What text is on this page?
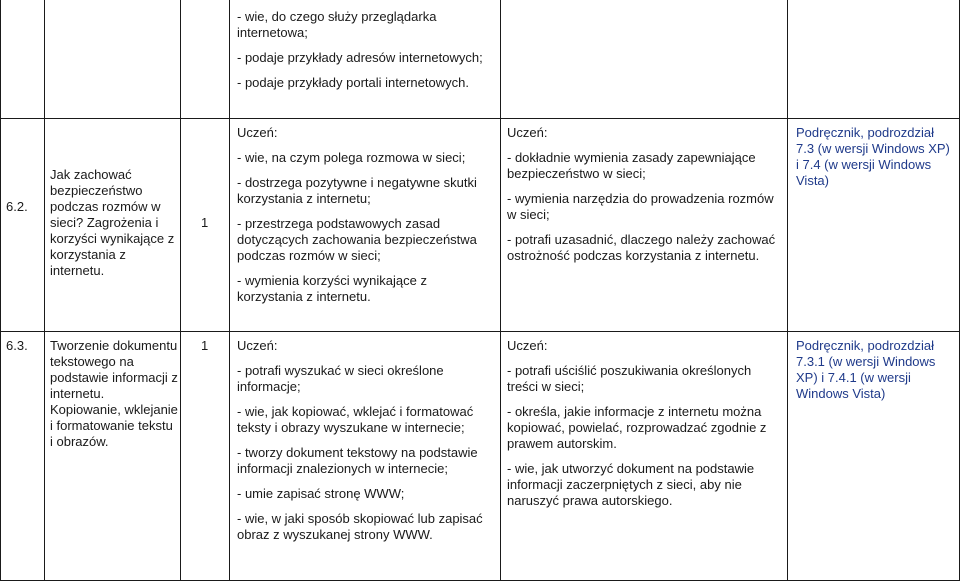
- wie, do czego służy przeglądarka internetowa;

- podaje przykłady adresów internetowych;

- podaje przykłady portali internetowych.

6.2.
Jak zachować bezpieczeństwo podczas rozmów w sieci? Zagrożenia i korzyści wynikające z korzystania z internetu.
1

Uczeń:

- wie, na czym polega rozmowa w sieci;

- dostrzega pozytywne i negatywne skutki korzystania z internetu;

- przestrzega podstawowych zasad dotyczących zachowania bezpieczeństwa podczas rozmów w sieci;

- wymienia korzyści wynikające z korzystania z internetu.

Uczeń:

- dokładnie wymienia zasady zapewniające bezpieczeństwo w sieci;

- wymienia narzędzia do prowadzenia rozmów w sieci;

- potrafi uzasadnić, dlaczego należy zachować ostrożność podczas korzystania z internetu.

Podręcznik, podrozdział 7.3 (w wersji Windows XP) i 7.4 (w wersji Windows Vista)
6.3. Tworzenie dokumentu tekstowego na podstawie informacji z internetu. Kopiowanie, wklejanie i formatowanie tekstu i obrazów.
1 Uczeń:

- potrafi wyszukać w sieci określone informacje;

- wie, jak kopiować, wklejać i formatować teksty i obrazy wyszukane w internecie;

- tworzy dokument tekstowy na podstawie informacji znalezionych w internecie;

- umie zapisać stronę WWW;

- wie, w jaki sposób skopiować lub zapisać obraz z wyszukanej strony WWW.

Uczeń:

- potrafi uściślić poszukiwania określonych treści w sieci;

- określa, jakie informacje z internetu można kopiować, powielać, rozprowadzać zgodnie z prawem autorskim.

- wie, jak utworzyć dokument na podstawie informacji zaczerpniętych z sieci, aby nie naruszyć prawa autorskiego.

Podręcznik, podrozdział 7.3.1 (w wersji Windows XP) i 7.4.1 (w wersji Windows Vista)
